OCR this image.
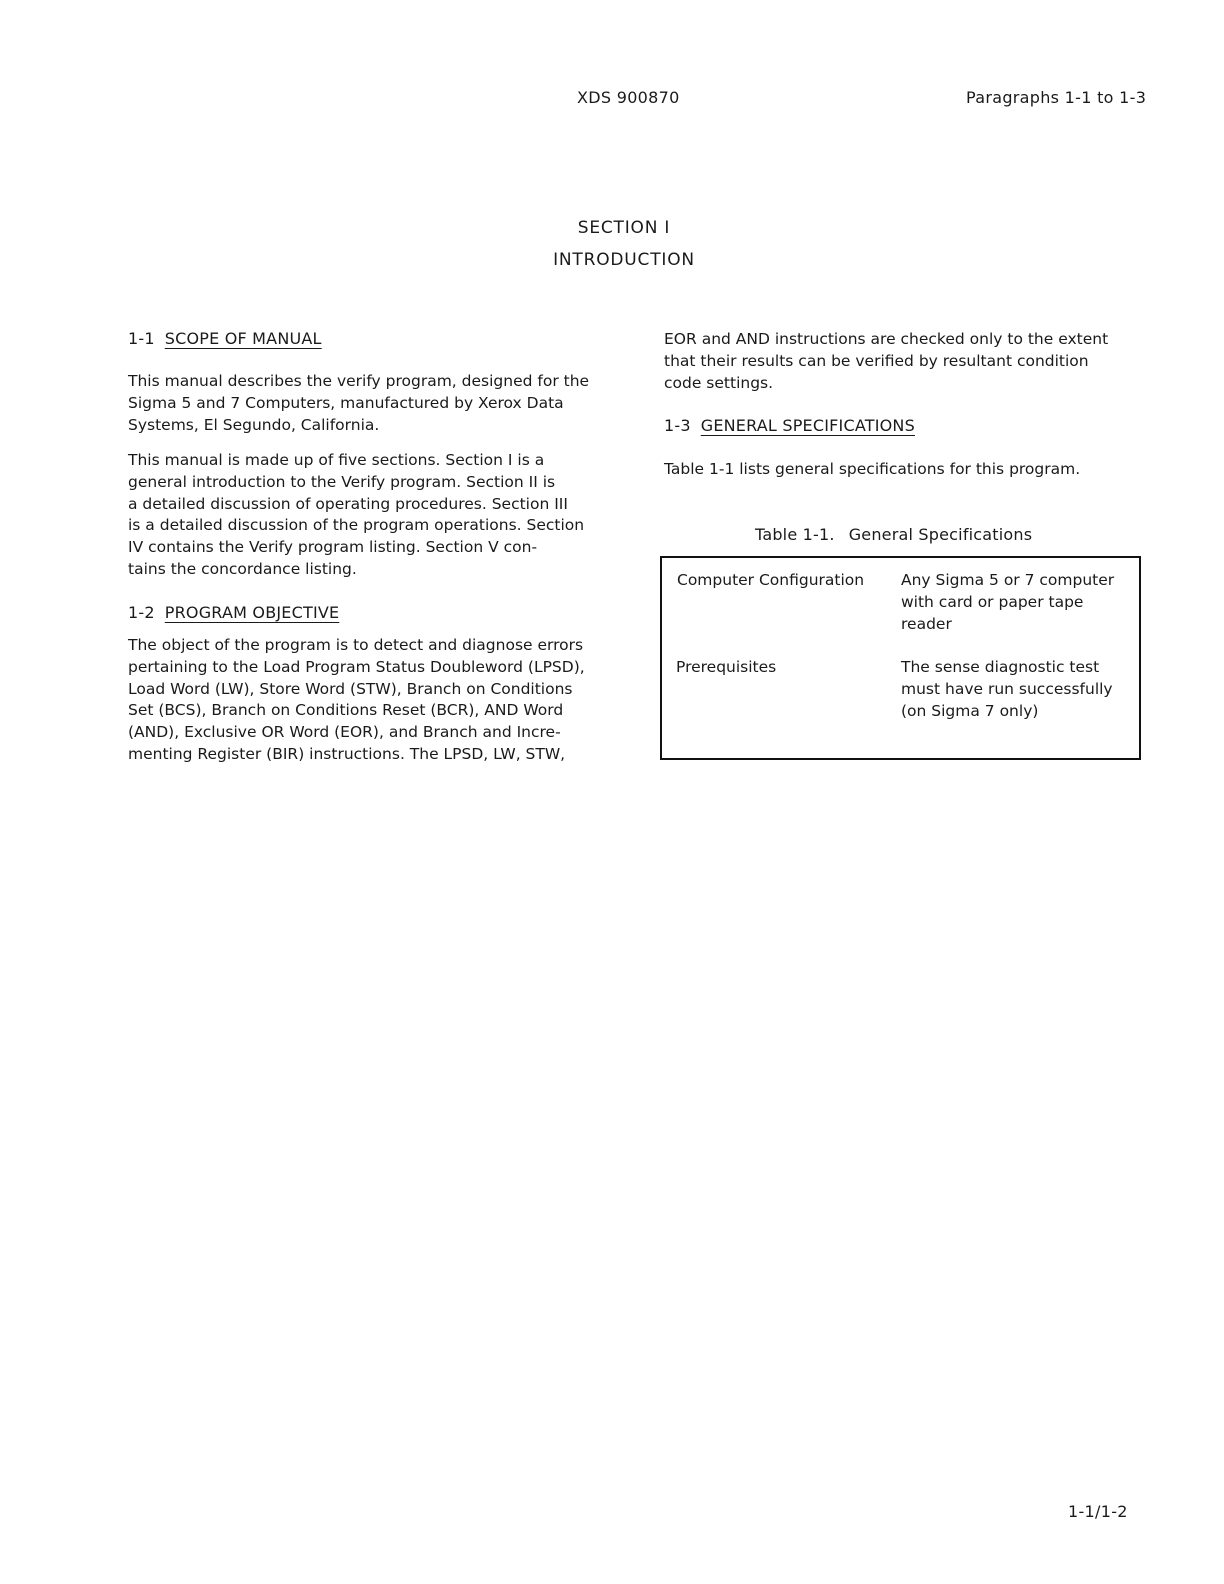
XDS 900870	Paragraphs 1-1 to 1-3
SECTION I
INTRODUCTION
1-1 SCOPE OF MANUAL

This manual describes the verify program, designed for the
Sigma 5 and 7 Computers, manufactured by Xerox Data
Systems, El Segundo, California.

This manual is made up of five sections. Section I is a
general introduction to the Verify program. Section II is
a detailed discussion of operating procedures. Section III
is a detailed discussion of the program operations. Section
IV contains the Verify program listing. Section V con-
tains the concordance listing.

1-2 PROGRAM OBJECTIVE

The object of the program is to detect and diagnose errors
pertaining to the Load Program Status Doubleword (LPSD),
Load Word (LW), Store Word (STW), Branch on Conditions
Set (BCS), Branch on Conditions Reset (BCR), AND Word
(AND), Exclusive OR Word (EOR), and Branch and Incre-
menting Register (BIR) instructions. The LPSD, LW, STW,

EOR and AND instructions are checked only to the extent
that their results can be verified by resultant condition
code settings.

1-3 GENERAL SPECIFICATIONS

Table 1-1 lists general specifications for this program.

Table 1-1. General Specifications
Computer Configuration Any Sigma 5 or 7 computer
with card or paper tape
reader
Prerequisites	The sense diagnostic test
must have run successfully
(on Sigma 7 only)
1-1/1-2
